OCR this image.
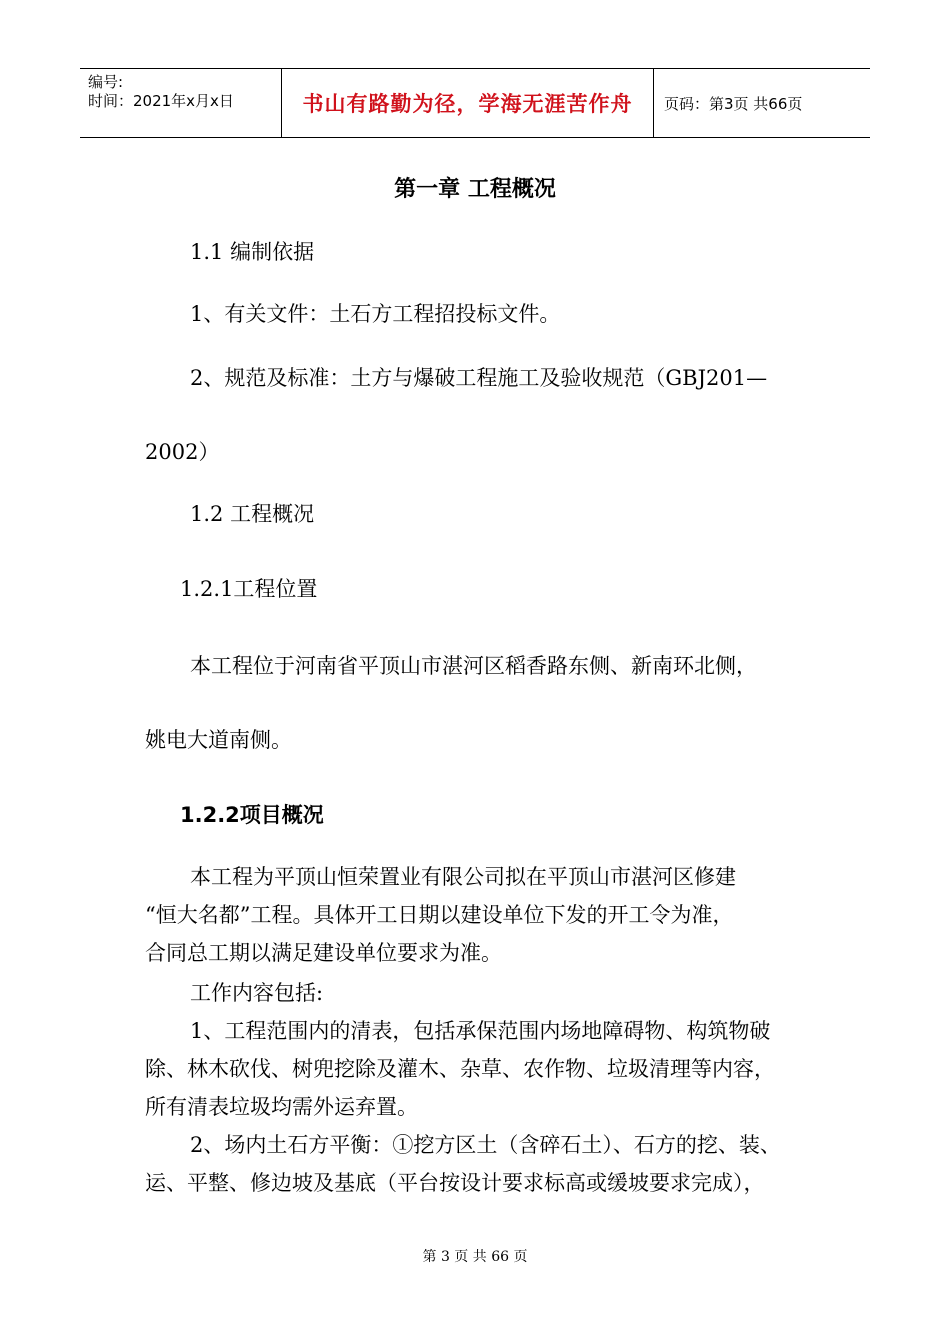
编号:
时间：2021年x月x日	书山有路勤为径，学海无涯苦作舟	页码：第3页 共66页
第一章 工程概况
1.1 编制依据
1、有关文件：土石方工程招投标文件。
2、规范及标准：土方与爆破工程施工及验收规范（GBJ201—
2002）
1.2 工程概况
1.2.1工程位置
本工程位于河南省平顶山市湛河区稻香路东侧、新南环北侧，
姚电大道南侧。
1.2.2项目概况
本工程为平顶山恒荣置业有限公司拟在平顶山市湛河区修建
“恒大名都”工程。具体开工日期以建设单位下发的开工令为准，
合同总工期以满足建设单位要求为准。
工作内容包括:
1、工程范围内的清表，包括承保范围内场地障碍物、构筑物破
除、林木砍伐、树兜挖除及灌木、杂草、农作物、垃圾清理等内容，
所有清表垃圾均需外运弃置。
2、场内土石方平衡：①挖方区土（含碎石土）、石方的挖、装、
运、平整、修边坡及基底（平台按设计要求标高或缓坡要求完成），
第 3 页 共 66 页
